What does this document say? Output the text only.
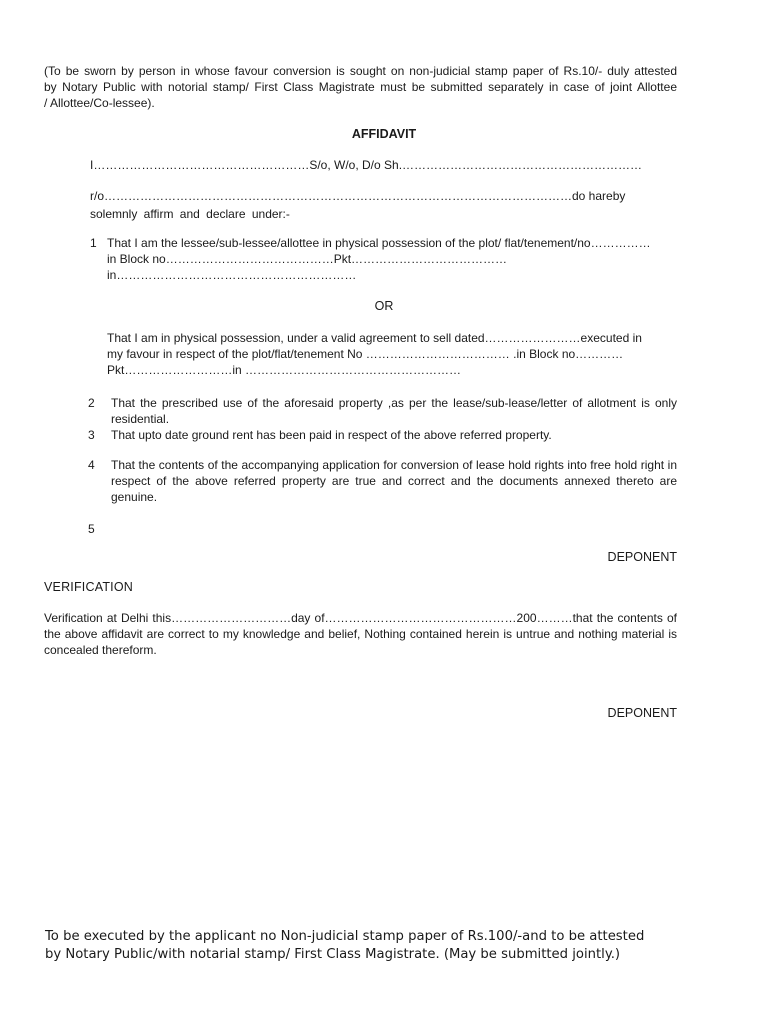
(To be sworn by person in whose favour conversion is sought on non-judicial stamp paper of Rs.10/- duly attested
by Notary Public with notorial stamp/ First Class Magistrate must be submitted separately in case of joint Allottee
/ Allottee/Co-lessee).
AFFIDAVIT
I………………………………………………S/o, W/o, D/o Sh.……………………………………………………
r/o………………………………………………………………………………………………………do hareby
solemnly affirm and declare under:-
1 That I am the lessee/sub-lessee/allottee in physical possession of the plot/ flat/tenement/no……………
in Block no……………………………………Pkt…………………………………
in……………………………………………………
OR
That I am in physical possession, under a valid agreement to sell dated……………………executed in
my favour in respect of the plot/flat/tenement No ……………………………… .in Block no…………
Pkt………………………in ………………………………………………
2 That the prescribed use of the aforesaid property ,as per the lease/sub-lease/letter of allotment is only residential.
3 That upto date ground rent has been paid in respect of the above referred property.
4 That the contents of the accompanying application for conversion of lease hold rights into free hold right in respect of the above referred property are true and correct and the documents annexed thereto are genuine.
5
DEPONENT
VERIFICATION
Verification at Delhi this…………………………day of…………………………………………200………that the contents of the above affidavit are correct to my knowledge and belief, Nothing contained herein is untrue and nothing material is concealed thereform.
DEPONENT
To be executed by the applicant no Non-judicial stamp paper of Rs.100/-and to be attested
by Notary Public/with notarial stamp/ First Class Magistrate. (May be submitted jointly.)
